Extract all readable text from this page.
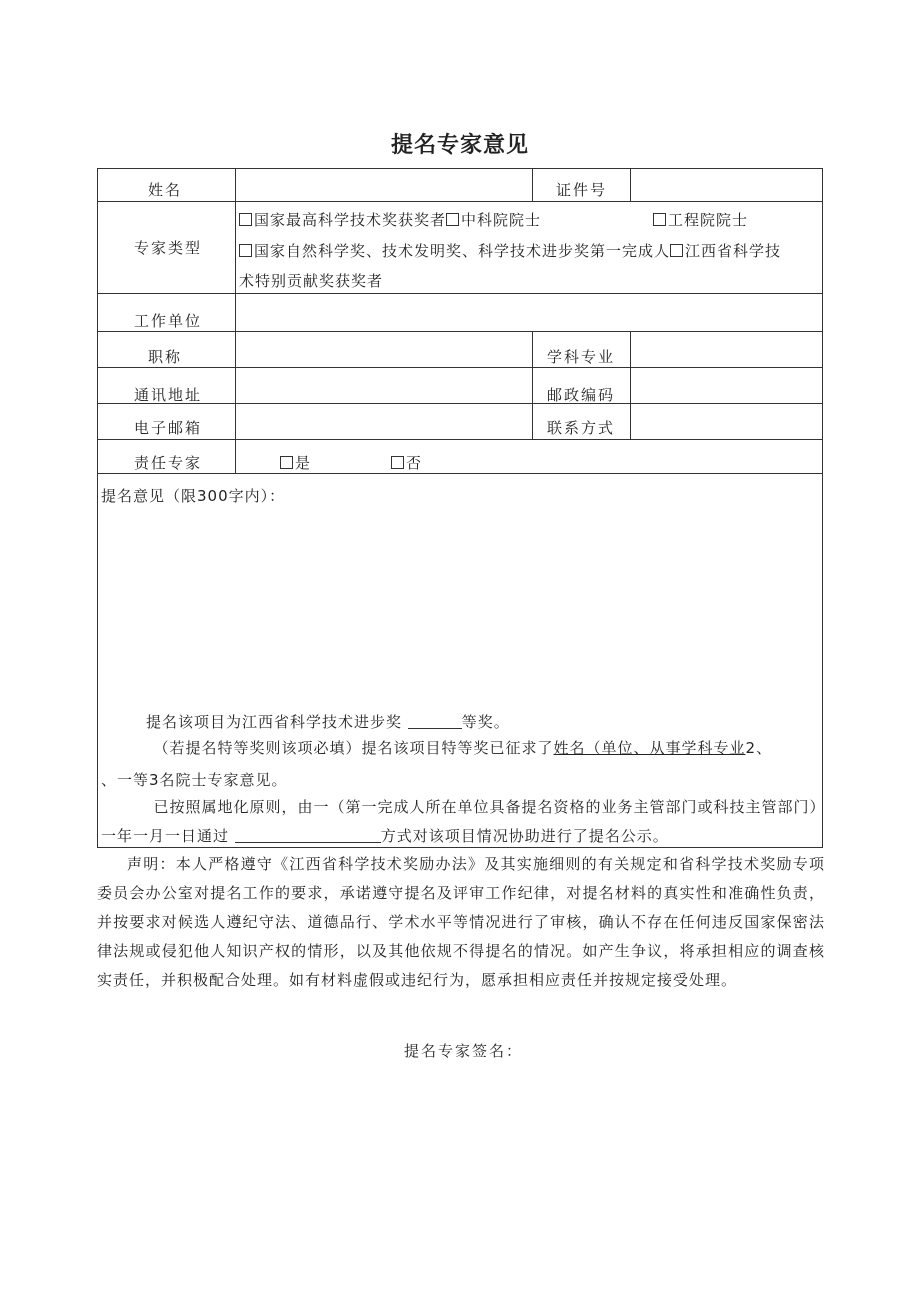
提名专家意见
姓名	证件号
专家类型
国家最高科学技术奖获奖者 中科院院士	工程院院士
国家自然科学奖、技术发明奖、科学技术进步奖第一完成人 江西省科学技
术特别贡献奖获奖者
工作单位
职称	学科专业
通讯地址	邮政编码
电子邮箱	联系方式
责任专家	是	否
提名意见（限300字内）：
提名该项目为江西省科学技术进步奖	等奖。
（若提名特等奖则该项必填）提名该项目特等奖已征求了姓名（单位、从事学科专业2、
、一等3名院士专家意见。
已按照属地化原则，由一（第一完成人所在单位具备提名资格的业务主管部门或科技主管部门）一年一月一日通过	方式对该项目情况协助进行了提名公示。
声明：本人严格遵守《江西省科学技术奖励办法》及其实施细则的有关规定和省科学技术奖励专项委员会办公室对提名工作的要求，承诺遵守提名及评审工作纪律，对提名材料的真实性和准确性负责，并按要求对候选人遵纪守法、道德品行、学术水平等情况进行了审核，确认不存在任何违反国家保密法律法规或侵犯他人知识产权的情形，以及其他依规不得提名的情况。如产生争议，将承担相应的调查核实责任，并积极配合处理。如有材料虚假或违纪行为，愿承担相应责任并按规定接受处理。
提名专家签名：
